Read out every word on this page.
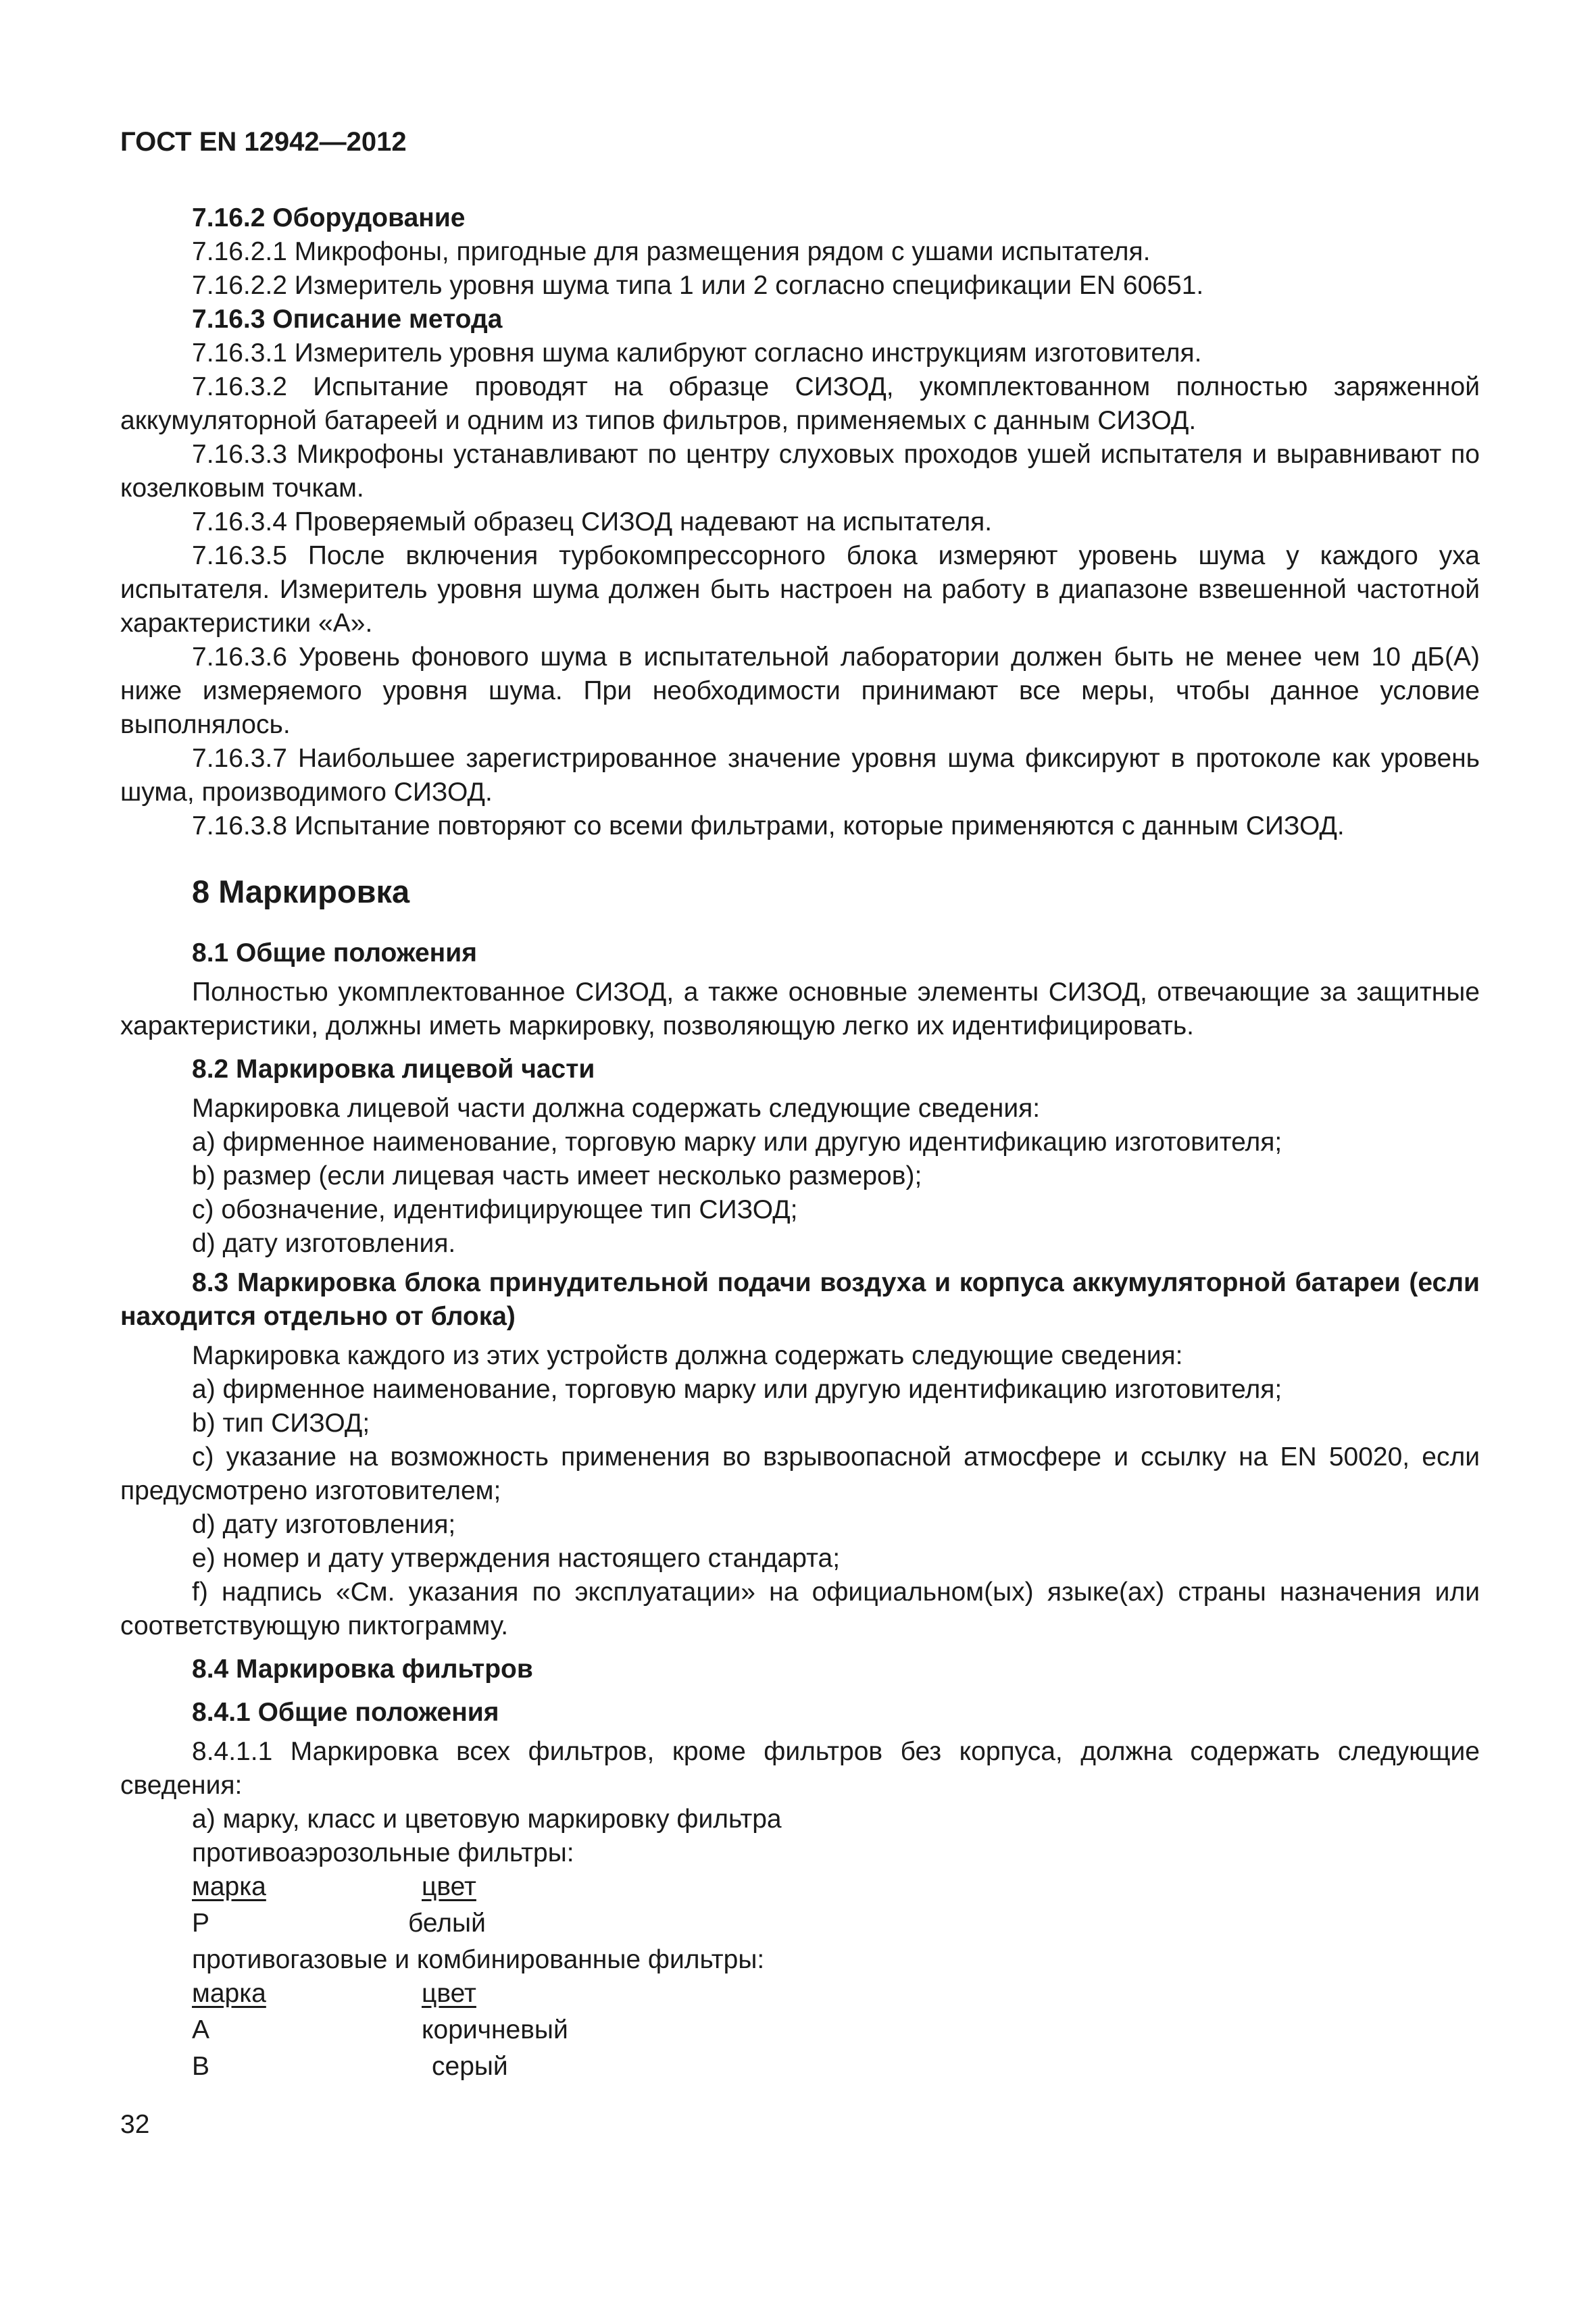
ГОСТ EN 12942—2012

7.16.2 Оборудование

7.16.2.1 Микрофоны, пригодные для размещения рядом с ушами испытателя.

7.16.2.2 Измеритель уровня шума типа 1 или 2 согласно спецификации EN 60651.

7.16.3 Описание метода

7.16.3.1 Измеритель уровня шума калибруют согласно инструкциям изготовителя.

7.16.3.2 Испытание проводят на образце СИЗОД, укомплектованном полностью заряженной аккумуляторной батареей и одним из типов фильтров, применяемых с данным СИЗОД.

7.16.3.3 Микрофоны устанавливают по центру слуховых проходов ушей испытателя и выравнивают по козелковым точкам.

7.16.3.4 Проверяемый образец СИЗОД надевают на испытателя.

7.16.3.5 После включения турбокомпрессорного блока измеряют уровень шума у каждого уха испытателя. Измеритель уровня шума должен быть настроен на работу в диапазоне взвешенной частотной характеристики «А».

7.16.3.6 Уровень фонового шума в испытательной лаборатории должен быть не менее чем 10 дБ(А) ниже измеряемого уровня шума. При необходимости принимают все меры, чтобы данное условие выполнялось.

7.16.3.7 Наибольшее зарегистрированное значение уровня шума фиксируют в протоколе как уровень шума, производимого СИЗОД.

7.16.3.8 Испытание повторяют со всеми фильтрами, которые применяются с данным СИЗОД.

8 Маркировка
8.1 Общие положения

Полностью укомплектованное СИЗОД, а также основные элементы СИЗОД, отвечающие за защитные характеристики, должны иметь маркировку, позволяющую легко их идентифицировать.

8.2 Маркировка лицевой части

Маркировка лицевой части должна содержать следующие сведения:

a) фирменное наименование, торговую марку или другую идентификацию изготовителя;

b) размер (если лицевая часть имеет несколько размеров);

c) обозначение, идентифицирующее тип СИЗОД;

d) дату изготовления.

8.3 Маркировка блока принудительной подачи воздуха и корпуса аккумуляторной батареи (если находится отдельно от блока)

Маркировка каждого из этих устройств должна содержать следующие сведения:

a) фирменное наименование, торговую марку или другую идентификацию изготовителя;

b) тип СИЗОД;

c) указание на возможность применения во взрывоопасной атмосфере и ссылку на EN 50020, если предусмотрено изготовителем;

d) дату изготовления;

e) номер и дату утверждения настоящего стандарта;

f) надпись «См. указания по эксплуатации» на официальном(ых) языке(ах) страны назначения или соответствующую пиктограмму.

8.4 Маркировка фильтров
8.4.1 Общие положения

8.4.1.1 Маркировка всех фильтров, кроме фильтров без корпуса, должна содержать следующие сведения:

a) марку, класс и цветовую маркировку фильтра

противоаэрозольные фильтры:

марка	цвет
P	белый

противогазовые и комбинированные фильтры:

марка	цвет
A	коричневый
B	серый
32
